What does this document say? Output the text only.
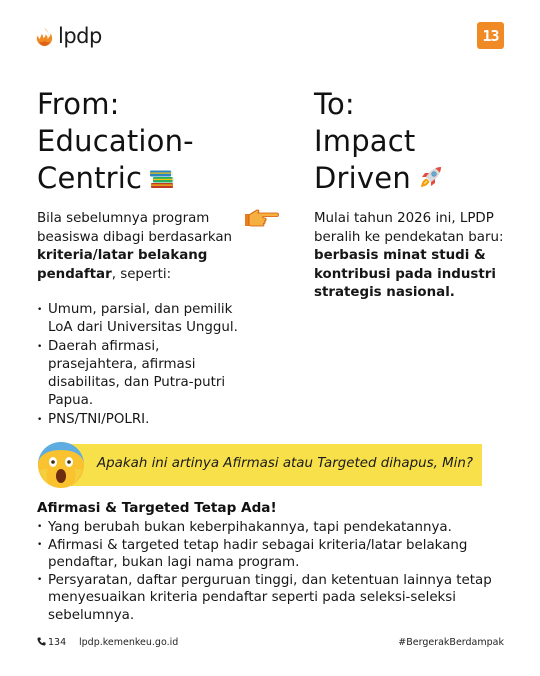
lpdp	13
From:
Education-
Centric
To:
Impact
Driven
Bila sebelumnya program
beasiswa dibagi berdasarkan
kriteria/latar belakang
pendaftar, seperti:
Mulai tahun 2026 ini, LPDP
beralih ke pendekatan baru:
berbasis minat studi &
kontribusi pada industri
strategis nasional.
• Umum, parsial, dan pemilik
LoA dari Universitas Unggul.
• Daerah afirmasi,
prasejahtera, afirmasi
disabilitas, dan Putra-putri
Papua.
• PNS/TNI/POLRI.
Apakah ini artinya Afirmasi atau Targeted dihapus, Min?
Afirmasi & Targeted Tetap Ada!
• Yang berubah bukan keberpihakannya, tapi pendekatannya.
• Afirmasi & targeted tetap hadir sebagai kriteria/latar belakang
pendaftar, bukan lagi nama program.
• Persyaratan, daftar perguruan tinggi, dan ketentuan lainnya tetap
menyesuaikan kriteria pendaftar seperti pada seleksi-seleksi
sebelumnya.
134 lpdp.kemenkeu.go.id	#BergerakBerdampak
